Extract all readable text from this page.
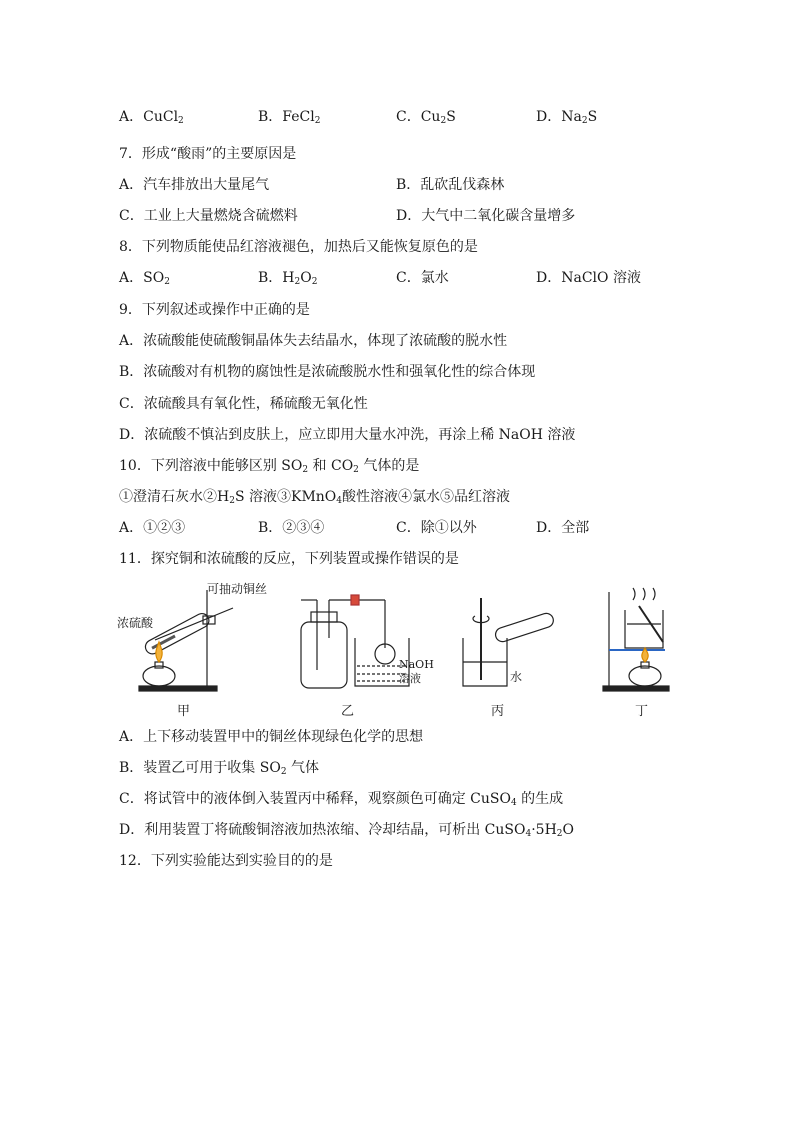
A．CuCl$_2$	B．FeCl$_2$	C．$Cu_2S$	D．$Na_2S$
7．形成“酸雨”的主要原因是
A．汽车排放出大量尾气	B．乱砍乱伐森林
C．工业上大量燃烧含硫燃料	D．大气中二氧化碳含量增多
8．下列物质能使品红溶液褪色，加热后又能恢复原色的是
A．$SO_2$	B．$H_2O_2$	C．氯水	D．NaClO 溶液
9．下列叙述或操作中正确的是
A．浓硫酸能使硫酸铜晶体失去结晶水，体现了浓硫酸的脱水性
B．浓硫酸对有机物的腐蚀性是浓硫酸脱水性和强氧化性的综合体现
C．浓硫酸具有氧化性，稀硫酸无氧化性
D．浓硫酸不慎沾到皮肤上，应立即用大量水冲洗，再涂上稀 NaOH 溶液
10．下列溶液中能够区别 $SO_2$ 和 $CO_2$ 气体的是
①澄清石灰水$②H_2S$ 溶液③KMnO$_4$酸性溶液④氯水⑤品红溶液
A．①②③	B．②③④	C．除①以外	D．全部
11．探究铜和浓硫酸的反应，下列装置或操作错误的是
可抽动铜丝
浓硫酸
NaOH
溶液	水
甲	乙	丙	丁
A．上下移动装置甲中的铜丝体现绿色化学的思想
B．装置乙可用于收集 $SO_2$ 气体
C．将试管中的液体倒入装置丙中稀释，观察颜色可确定 CuSO$_4$ 的生成
D．利用装置丁将硫酸铜溶液加热浓缩、冷却结晶，可析出 $CuSO_4\cdot 5H_2O$
12．下列实验能达到实验目的的是
